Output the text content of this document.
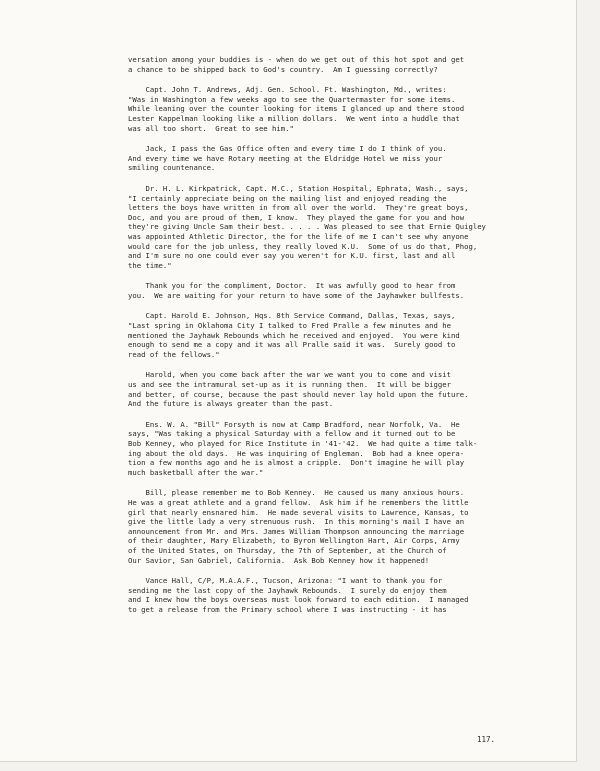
versation among your buddies is - when do we get out of this hot spot and get
a chance to be shipped back to God's country.  Am I guessing correctly?
Capt. John T. Andrews, Adj. Gen. School. Ft. Washington, Md., writes:
"Was in Washington a few weeks ago to see the Quartermaster for some items.
While leaning over the counter looking for items I glanced up and there stood
Lester Kappelman looking like a million dollars.  We went into a huddle that
was all too short.  Great to see him."
Jack, I pass the Gas Office often and every time I do I think of you.
And every time we have Rotary meeting at the Eldridge Hotel we miss your
smiling countenance.
Dr. H. L. Kirkpatrick, Capt. M.C., Station Hospital, Ephrata, Wash., says,
"I certainly appreciate being on the mailing list and enjoyed reading the
letters the boys have written in from all over the world.  They're great boys,
Doc, and you are proud of them, I know.  They played the game for you and how
they're giving Uncle Sam their best. . . . . Was pleased to see that Ernie Quigley
was appointed Athletic Director, the for the life of me I can't see why anyone
would care for the job unless, they really loved K.U.  Some of us do that, Phog,
and I'm sure no one could ever say you weren't for K.U. first, last and all
the time."
Thank you for the compliment, Doctor.  It was awfully good to hear from
you.  We are waiting for your return to have some of the Jayhawker bullfests.
Capt. Harold E. Johnson, Hqs. 8th Service Command, Dallas, Texas, says,
"Last spring in Oklahoma City I talked to Fred Pralle a few minutes and he
mentioned the Jayhawk Rebounds which he received and enjoyed.  You were kind
enough to send me a copy and it was all Pralle said it was.  Surely good to
read of the fellows."
Harold, when you come back after the war we want you to come and visit
us and see the intramural set-up as it is running then.  It will be bigger
and better, of course, because the past should never lay hold upon the future.
And the future is always greater than the past.
Ens. W. A. "Bill" Forsyth is now at Camp Bradford, near Norfolk, Va.  He
says, "Was taking a physical Saturday with a fellow and it turned out to be
Bob Kenney, who played for Rice Institute in '41-'42.  We had quite a time talk-
ing about the old days.  He was inquiring of Engleman.  Bob had a knee opera-
tion a few months ago and he is almost a cripple.  Don't imagine he will play
much basketball after the war."
Bill, please remember me to Bob Kenney.  He caused us many anxious hours.
He was a great athlete and a grand fellow.  Ask him if he remembers the little
girl that nearly ensnared him.  He made several visits to Lawrence, Kansas, to
give the little lady a very strenuous rush.  In this morning's mail I have an
announcement from Mr. and Mrs. James William Thompson announcing the marriage
of their daughter, Mary Elizabeth, to Byron Wellington Hart, Air Corps, Army
of the United States, on Thursday, the 7th of September, at the Church of
Our Savior, San Gabriel, California.  Ask Bob Kenney how it happened!
Vance Hall, C/P, M.A.A.F., Tucson, Arizona: "I want to thank you for
sending me the last copy of the Jayhawk Rebounds.  I surely do enjoy them
and I knew how the boys overseas must look forward to each edition.  I managed
to get a release from the Primary school where I was instructing - it has
117.
